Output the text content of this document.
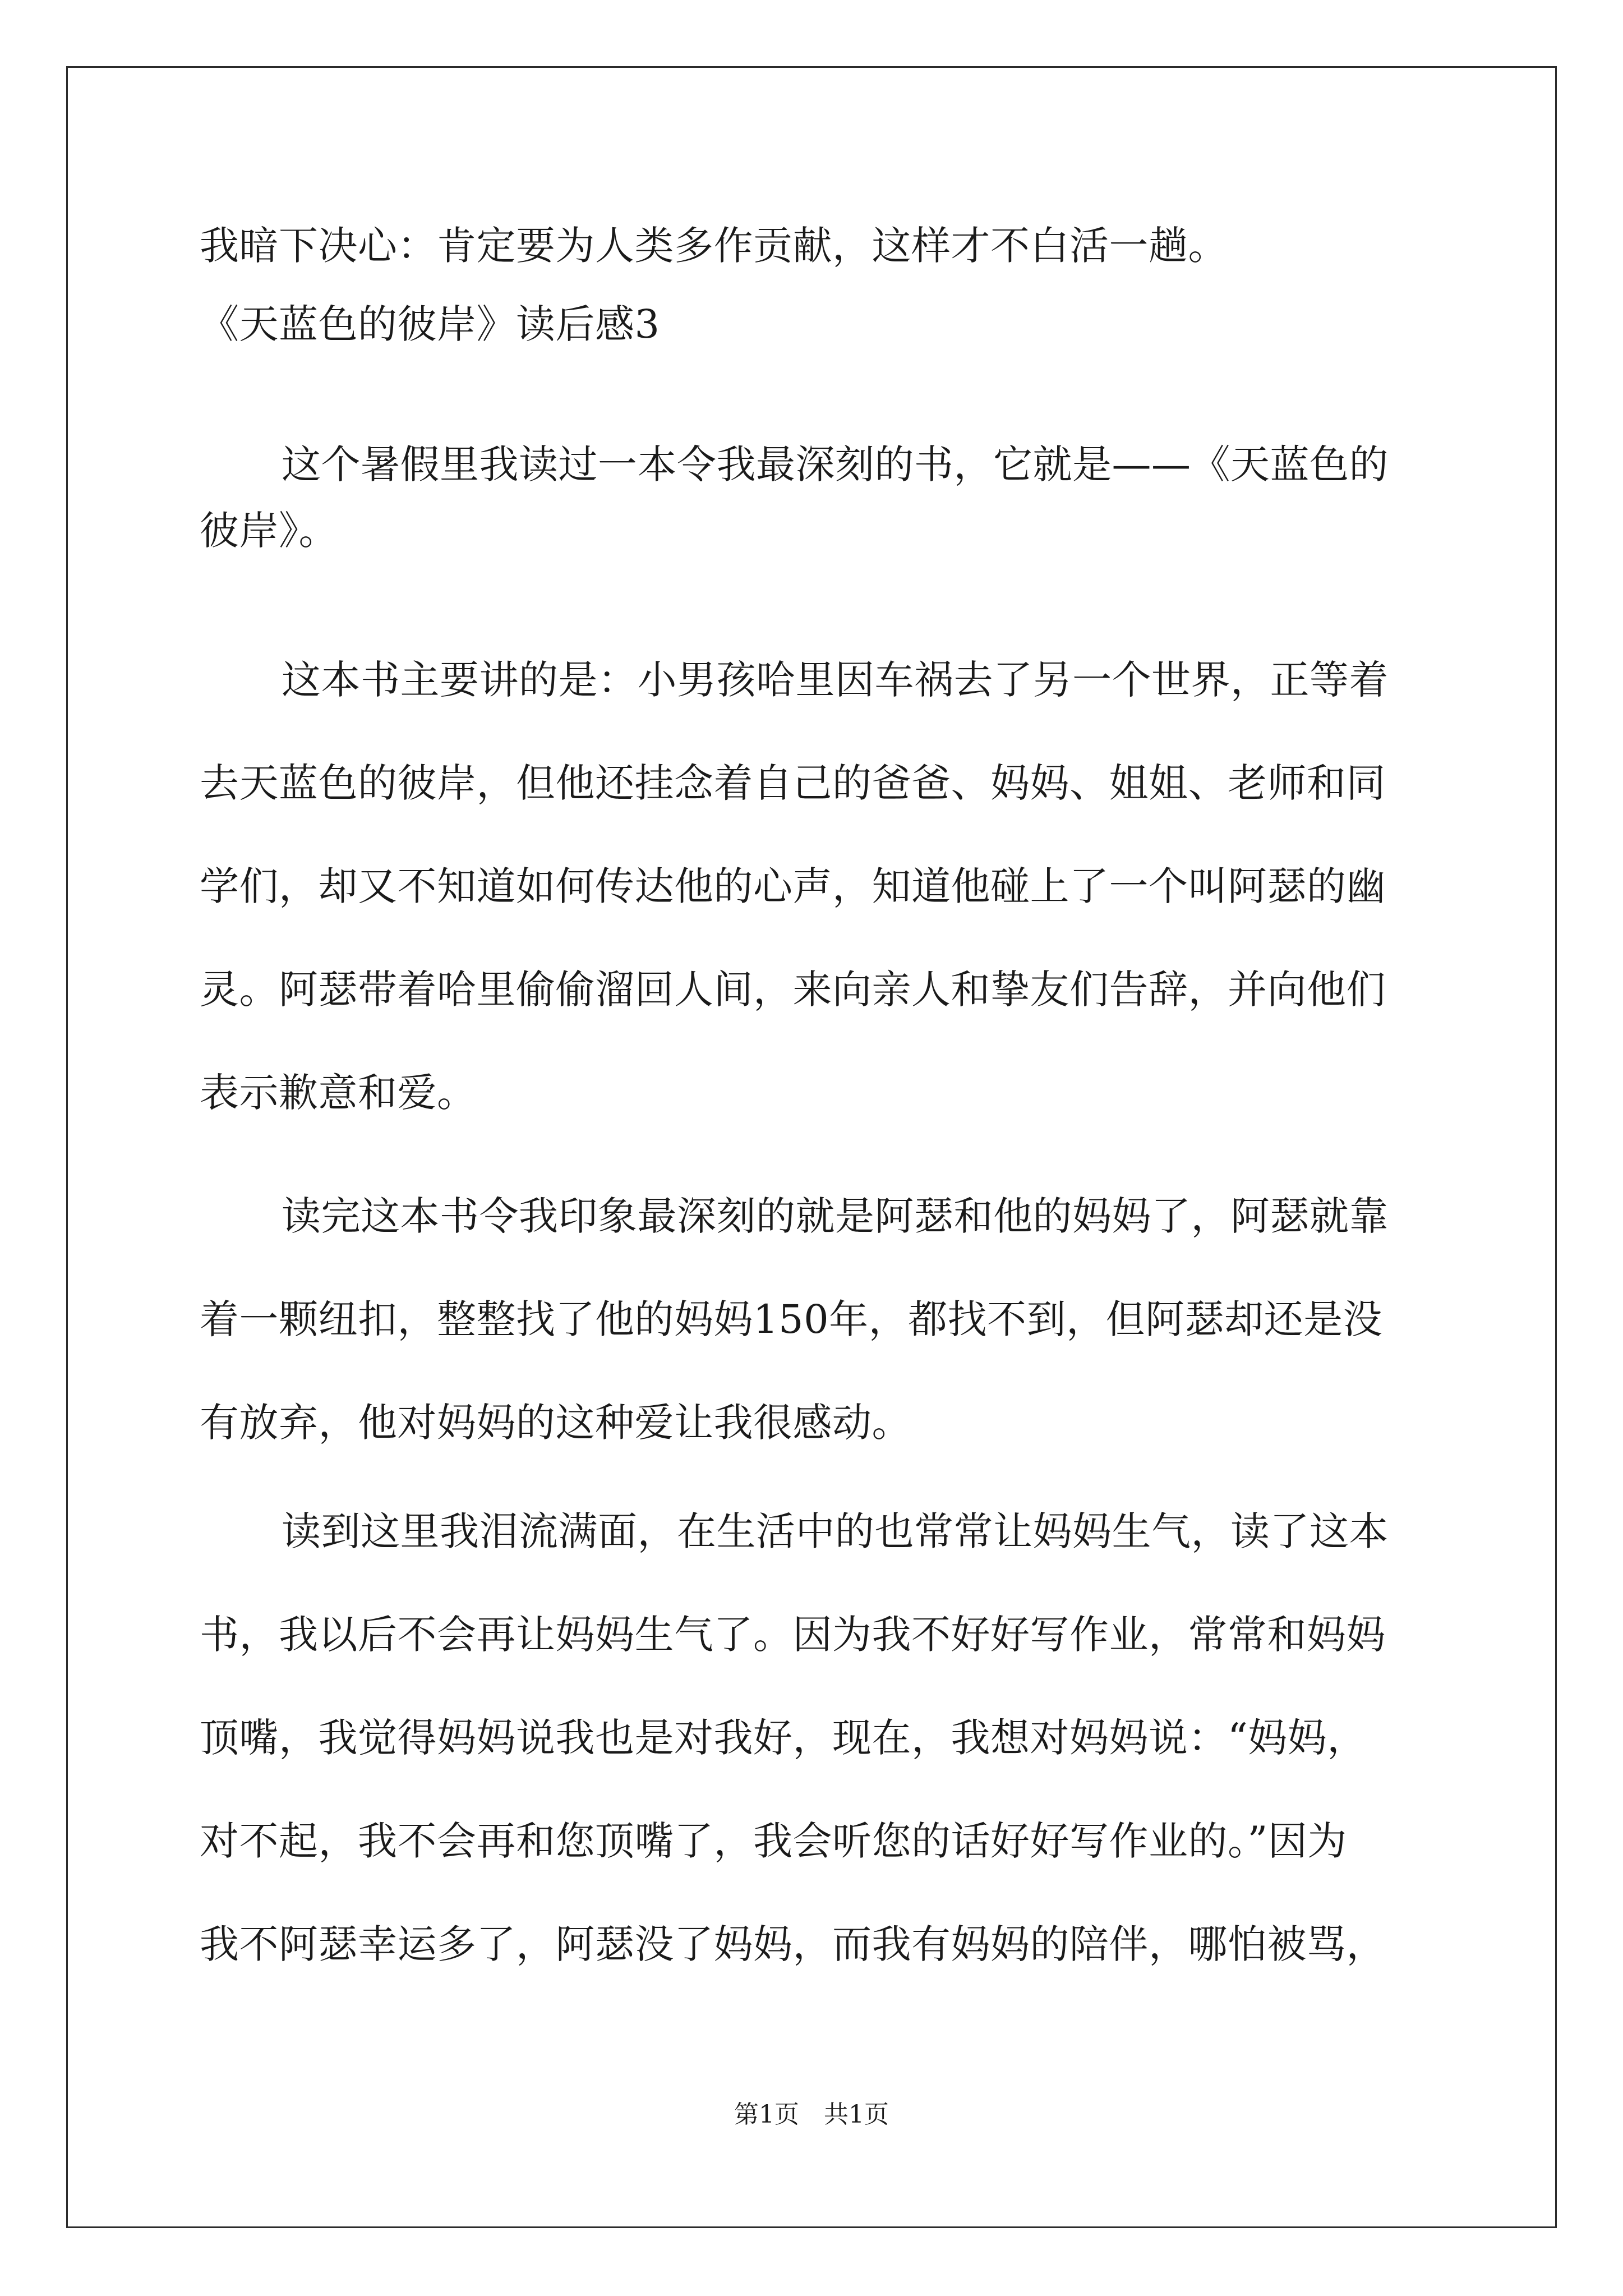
我暗下决心：肯定要为人类多作贡献，这样才不白活一趟。
《天蓝色的彼岸》读后感3
这个暑假里我读过一本令我最深刻的书，它就是——《天蓝色的
彼岸》。
这本书主要讲的是：小男孩哈里因车祸去了另一个世界，正等着
去天蓝色的彼岸，但他还挂念着自己的爸爸、妈妈、姐姐、老师和同
学们，却又不知道如何传达他的心声，知道他碰上了一个叫阿瑟的幽
灵。阿瑟带着哈里偷偷溜回人间，来向亲人和挚友们告辞，并向他们
表示歉意和爱。
读完这本书令我印象最深刻的就是阿瑟和他的妈妈了，阿瑟就靠
着一颗纽扣，整整找了他的妈妈150年，都找不到，但阿瑟却还是没
有放弃，他对妈妈的这种爱让我很感动。
读到这里我泪流满面，在生活中的也常常让妈妈生气，读了这本
书，我以后不会再让妈妈生气了。因为我不好好写作业，常常和妈妈
顶嘴，我觉得妈妈说我也是对我好，现在，我想对妈妈说：“妈妈，
对不起，我不会再和您顶嘴了，我会听您的话好好写作业的。”因为
我不阿瑟幸运多了，阿瑟没了妈妈，而我有妈妈的陪伴，哪怕被骂，
第1页　共1页
